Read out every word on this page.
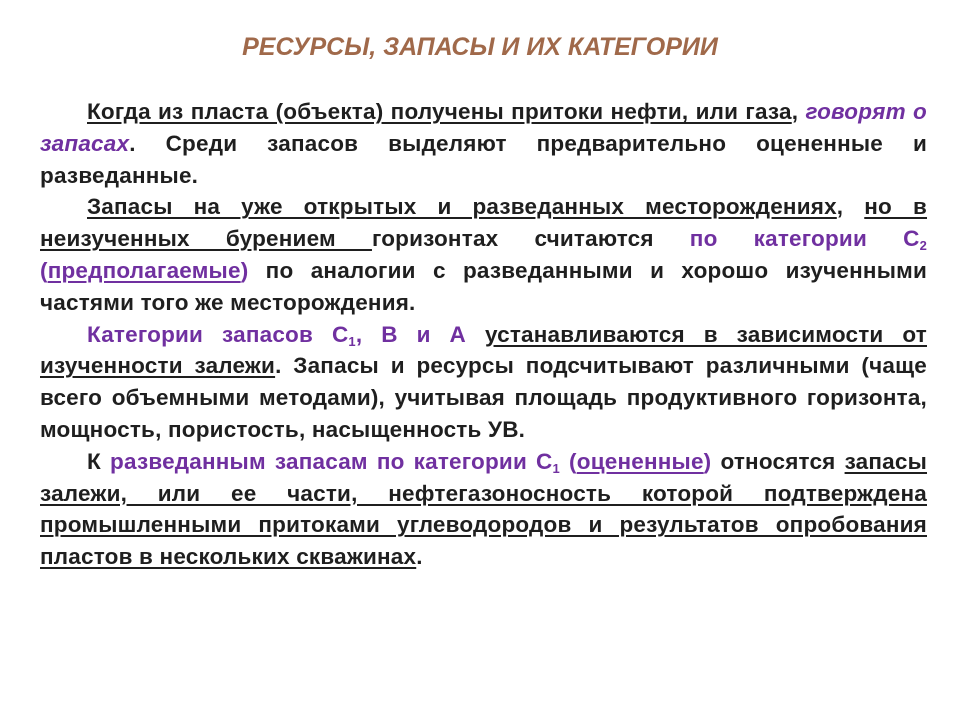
РЕСУРСЫ, ЗАПАСЫ И ИХ КАТЕГОРИИ

Когда из пласта (объекта) получены притоки нефти, или газа, говорят о запасах. Среди запасов выделяют предварительно оцененные и разведанные.

Запасы на уже открытых и разведанных месторождениях, но в неизученных бурением горизонтах считаются по категории $С_2$ (предполагаемые) по аналогии с разведанными и хорошо изученными частями того же месторождения.

Категории запасов $С_1$, В и А устанавливаются в зависимости от изученности залежи. Запасы и ресурсы подсчитывают различными (чаще всего объемными методами), учитывая площадь продуктивного горизонта, мощность, пористость, насыщенность УВ.

К разведанным запасам по категории $С_1$ (оцененные) относятся запасы залежи, или ее части, нефтегазоносность которой подтверждена промышленными притоками углеводородов и результатов опробования пластов в нескольких скважинах.
